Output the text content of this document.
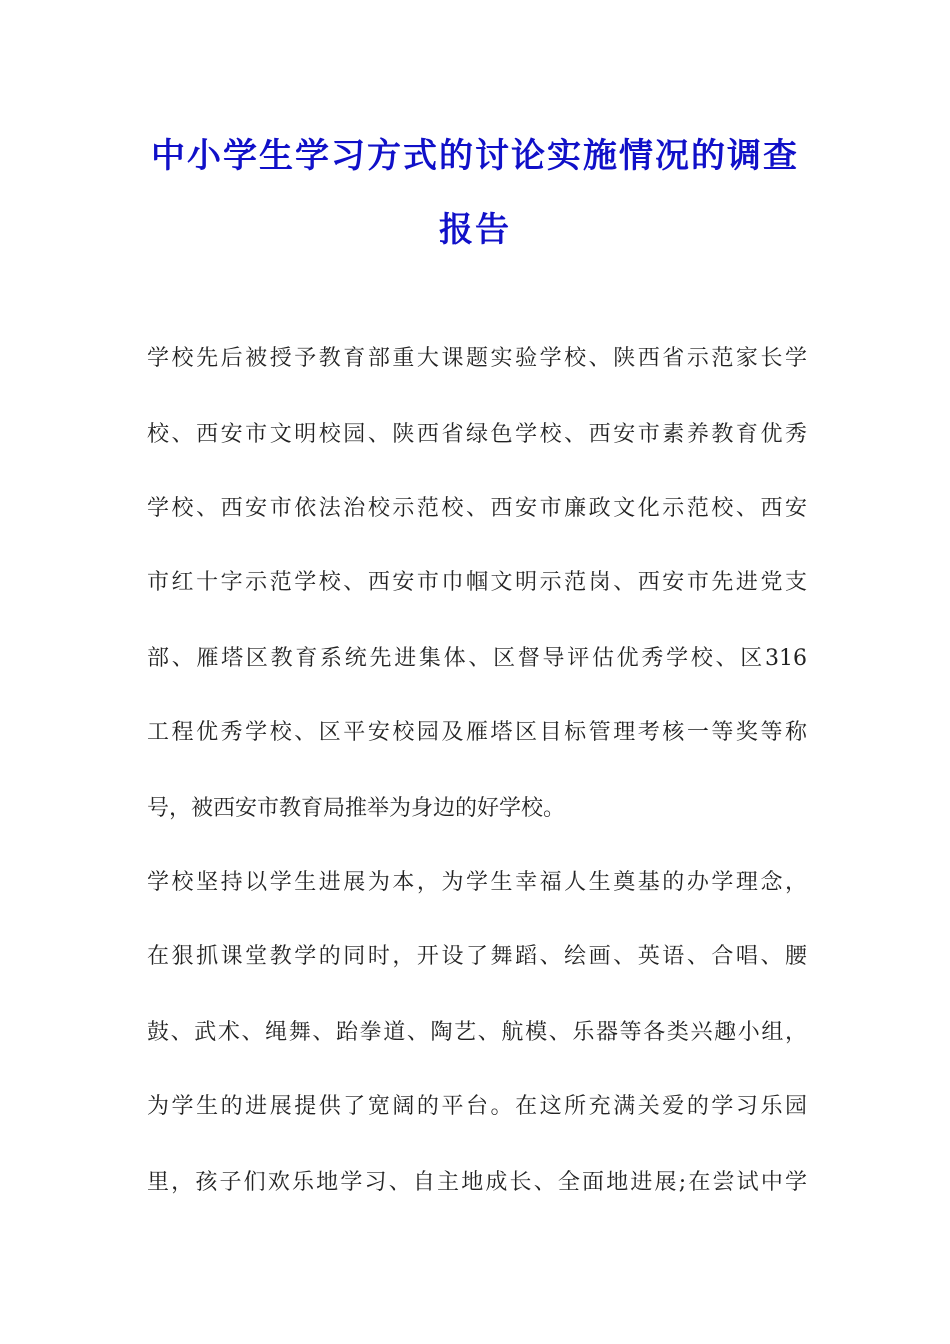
中小学生学习方式的讨论实施情况的调查
报告
学校先后被授予教育部重大课题实验学校、陕西省示范家长学
校、西安市文明校园、陕西省绿色学校、西安市素养教育优秀
学校、西安市依法治校示范校、西安市廉政文化示范校、西安
市红十字示范学校、西安市巾帼文明示范岗、西安市先进党支
部、雁塔区教育系统先进集体、区督导评估优秀学校、区316
工程优秀学校、区平安校园及雁塔区目标管理考核一等奖等称
号，被西安市教育局推举为身边的好学校。
学校坚持以学生进展为本，为学生幸福人生奠基的办学理念，
在狠抓课堂教学的同时，开设了舞蹈、绘画、英语、合唱、腰
鼓、武术、绳舞、跆拳道、陶艺、航模、乐器等各类兴趣小组，
为学生的进展提供了宽阔的平台。在这所充满关爱的学习乐园
里，孩子们欢乐地学习、自主地成长、全面地进展;在尝试中学
